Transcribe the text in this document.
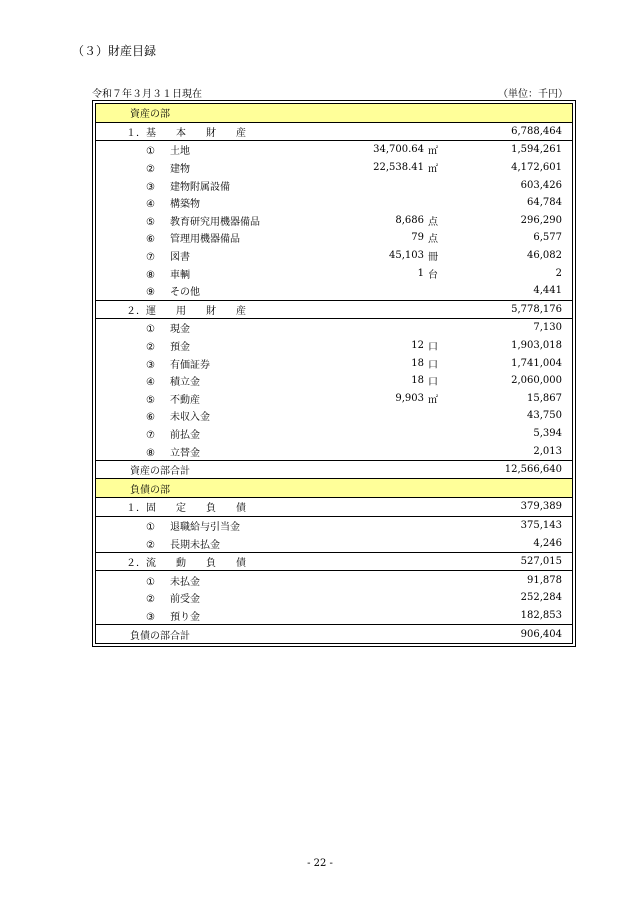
（３）財産目録
令和７年３月３１日現在	（単位：千円）
資産の部
１．基　　本　　財　　産	6,788,464
① 土地	34,700.64 ㎡	1,594,261
② 建物	22,538.41 ㎡	4,172,601
③ 建物附属設備	603,426
④ 構築物	64,784
⑤ 教育研究用機器備品	8,686 点	296,290
⑥ 管理用機器備品	79 点	6,577
⑦ 図書	45,103 冊	46,082
⑧ 車輌	1 台	2
⑨ その他	4,441
２．運　　用　　財　　産	5,778,176
① 現金	7,130
② 預金	12 口	1,903,018
③ 有価証券	18 口	1,741,004
④ 積立金	18 口	2,060,000
⑤ 不動産	9,903 ㎡	15,867
⑥ 未収入金	43,750
⑦ 前払金	5,394
⑧ 立替金	2,013
資産の部合計	12,566,640
負債の部
１．固　　定　　負　　債	379,389
① 退職給与引当金	375,143
② 長期未払金	4,246
２．流　　動　　負　　債	527,015
① 未払金	91,878
② 前受金	252,284
③ 預り金	182,853
負債の部合計	906,404
- 22 -
